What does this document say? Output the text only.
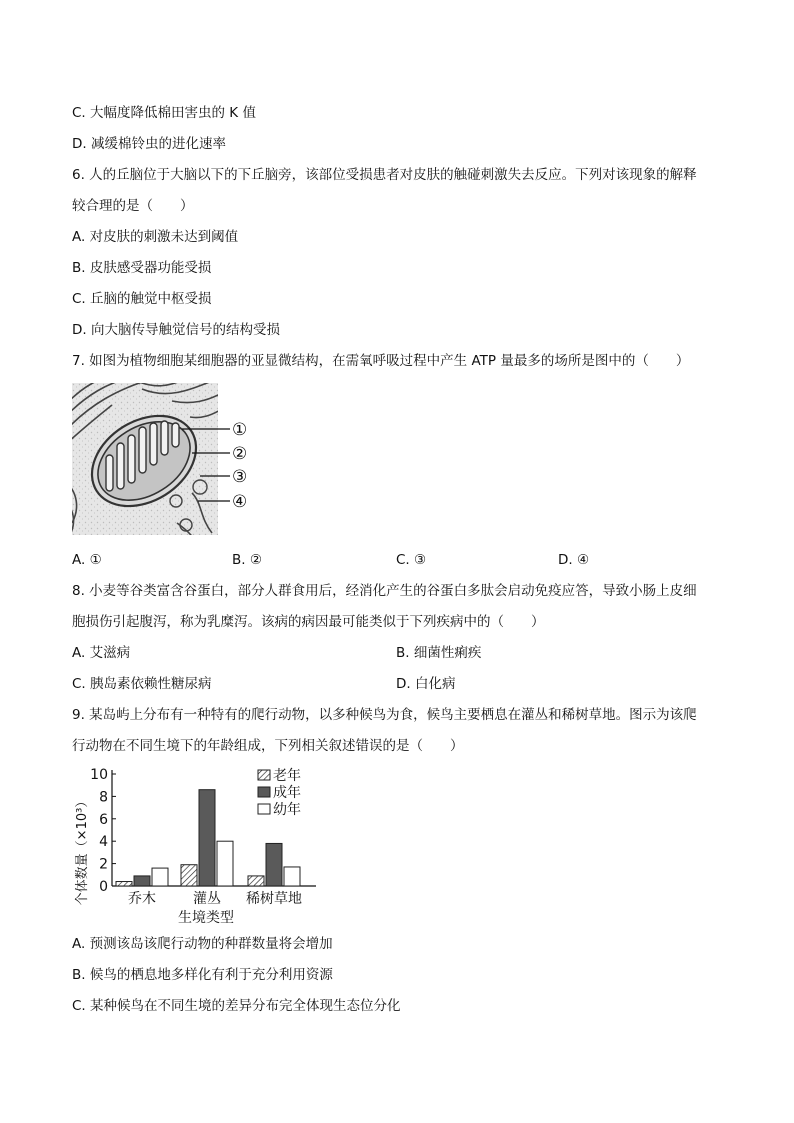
C. 大幅度降低棉田害虫的 K 值
D. 减缓棉铃虫的进化速率
6. 人的丘脑位于大脑以下的下丘脑旁，该部位受损患者对皮肤的触碰刺激失去反应。下列对该现象的解释
较合理的是（　　）
A. 对皮肤的刺激未达到阈值
B. 皮肤感受器功能受损
C. 丘脑的触觉中枢受损
D. 向大脑传导触觉信号的结构受损
7. 如图为植物细胞某细胞器的亚显微结构，在需氧呼吸过程中产生 ATP 量最多的场所是图中的（　　）
①
②
③
④
A. ①	B. ②	C. ③	D. ④
8. 小麦等谷类富含谷蛋白，部分人群食用后，经消化产生的谷蛋白多肽会启动免疫应答，导致小肠上皮细
胞损伤引起腹泻，称为乳糜泻。该病的病因最可能类似于下列疾病中的（　　）
A. 艾滋病	B. 细菌性痢疾
C. 胰岛素依赖性糖尿病	D. 白化病
9. 某岛屿上分布有一种特有的爬行动物，以多种候鸟为食，候鸟主要栖息在灌丛和稀树草地。图示为该爬
行动物在不同生境下的年龄组成，下列相关叙述错误的是（　　）
0
2
4
6
8
10
乔木	灌丛 稀树草地
老年
成年
幼年
个体数量（×10³）
生境类型
A. 预测该岛该爬行动物的种群数量将会增加
B. 候鸟的栖息地多样化有利于充分利用资源
C. 某种候鸟在不同生境的差异分布完全体现生态位分化
